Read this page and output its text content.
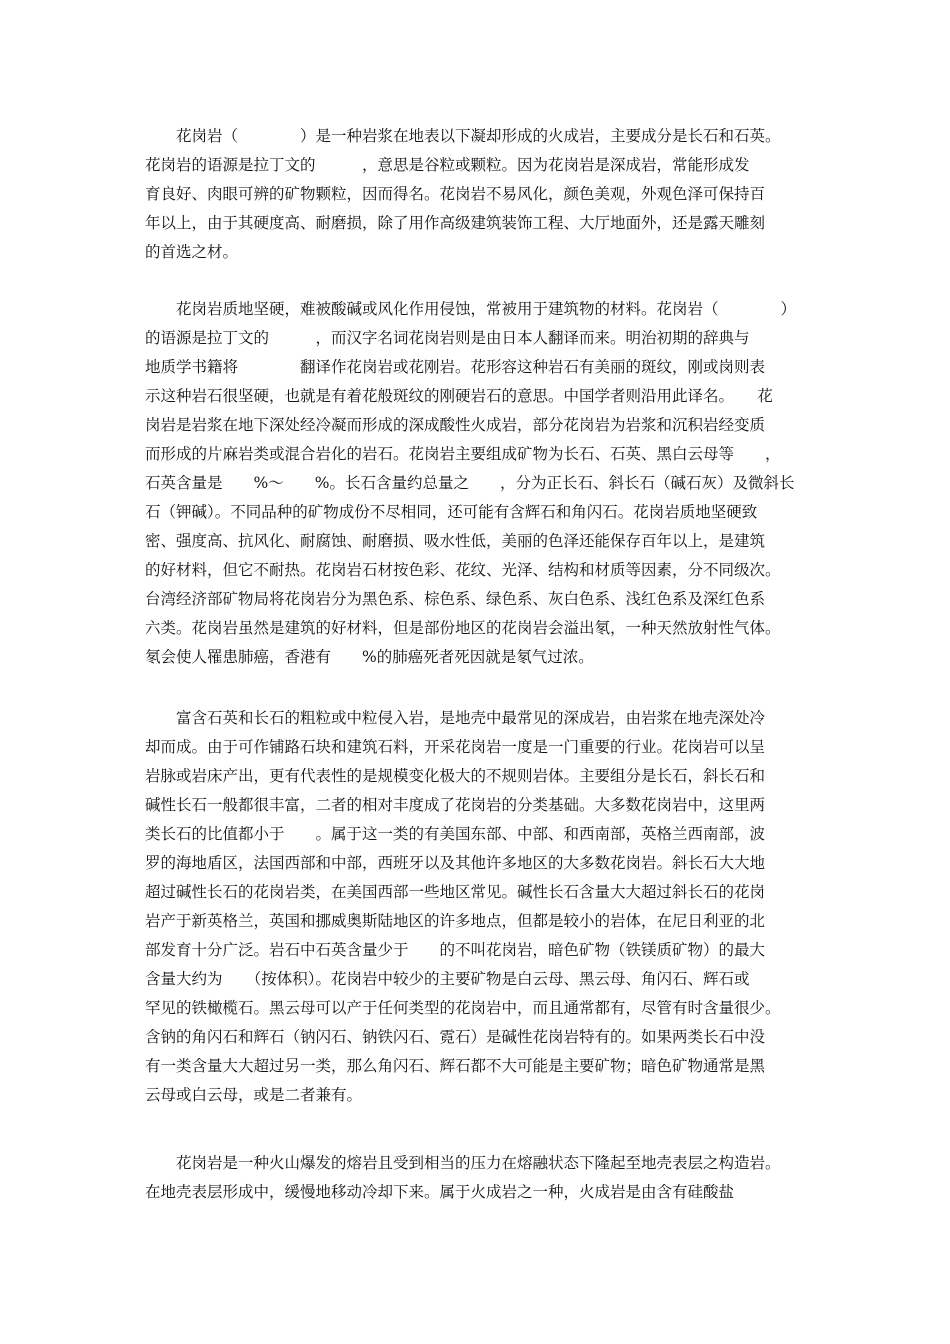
　　花岗岩（　　　　）是一种岩浆在地表以下凝却形成的火成岩，主要成分是长石和石英。
花岗岩的语源是拉丁文的　　　，意思是谷粒或颗粒。因为花岗岩是深成岩，常能形成发
育良好、肉眼可辨的矿物颗粒，因而得名。花岗岩不易风化，颜色美观，外观色泽可保持百
年以上，由于其硬度高、耐磨损，除了用作高级建筑装饰工程、大厅地面外，还是露天雕刻
的首选之材。
　　花岗岩质地坚硬，难被酸碱或风化作用侵蚀，常被用于建筑物的材料。花岗岩（　　　　）
的语源是拉丁文的　　　，而汉字名词花岗岩则是由日本人翻译而来。明治初期的辞典与
地质学书籍将　　　　翻译作花岗岩或花刚岩。花形容这种岩石有美丽的斑纹，刚或岗则表
示这种岩石很坚硬，也就是有着花般斑纹的刚硬岩石的意思。中国学者则沿用此译名。　　花
岗岩是岩浆在地下深处经冷凝而形成的深成酸性火成岩，部分花岗岩为岩浆和沉积岩经变质
而形成的片麻岩类或混合岩化的岩石。花岗岩主要组成矿物为长石、石英、黑白云母等　　，
石英含量是　　%～　　%。长石含量约总量之　　，分为正长石、斜长石（碱石灰）及微斜长
石（钾碱）。不同品种的矿物成份不尽相同，还可能有含辉石和角闪石。花岗岩质地坚硬致
密、强度高、抗风化、耐腐蚀、耐磨损、吸水性低，美丽的色泽还能保存百年以上，是建筑
的好材料，但它不耐热。花岗岩石材按色彩、花纹、光泽、结构和材质等因素，分不同级次。
台湾经济部矿物局将花岗岩分为黑色系、棕色系、绿色系、灰白色系、浅红色系及深红色系
六类。花岗岩虽然是建筑的好材料，但是部份地区的花岗岩会溢出氡，一种天然放射性气体。
氡会使人罹患肺癌，香港有　　%的肺癌死者死因就是氡气过浓。
　　富含石英和长石的粗粒或中粒侵入岩，是地壳中最常见的深成岩，由岩浆在地壳深处冷
却而成。由于可作铺路石块和建筑石料，开采花岗岩一度是一门重要的行业。花岗岩可以呈
岩脉或岩床产出，更有代表性的是规模变化极大的不规则岩体。主要组分是长石，斜长石和
碱性长石一般都很丰富，二者的相对丰度成了花岗岩的分类基础。大多数花岗岩中，这里两
类长石的比值都小于　　。属于这一类的有美国东部、中部、和西南部，英格兰西南部，波
罗的海地盾区，法国西部和中部，西班牙以及其他许多地区的大多数花岗岩。斜长石大大地
超过碱性长石的花岗岩类，在美国西部一些地区常见。碱性长石含量大大超过斜长石的花岗
岩产于新英格兰，英国和挪威奥斯陆地区的许多地点，但都是较小的岩体，在尼日利亚的北
部发育十分广泛。岩石中石英含量少于　　的不叫花岗岩，暗色矿物（铁镁质矿物）的最大
含量大约为　　（按体积）。花岗岩中较少的主要矿物是白云母、黑云母、角闪石、辉石或
罕见的铁橄榄石。黑云母可以产于任何类型的花岗岩中，而且通常都有，尽管有时含量很少。
含钠的角闪石和辉石（钠闪石、钠铁闪石、霓石）是碱性花岗岩特有的。如果两类长石中没
有一类含量大大超过另一类，那么角闪石、辉石都不大可能是主要矿物；暗色矿物通常是黑
云母或白云母，或是二者兼有。
　　花岗岩是一种火山爆发的熔岩且受到相当的压力在熔融状态下隆起至地壳表层之构造岩。
在地壳表层形成中，缓慢地移动冷却下来。属于火成岩之一种，火成岩是由含有硅酸盐
